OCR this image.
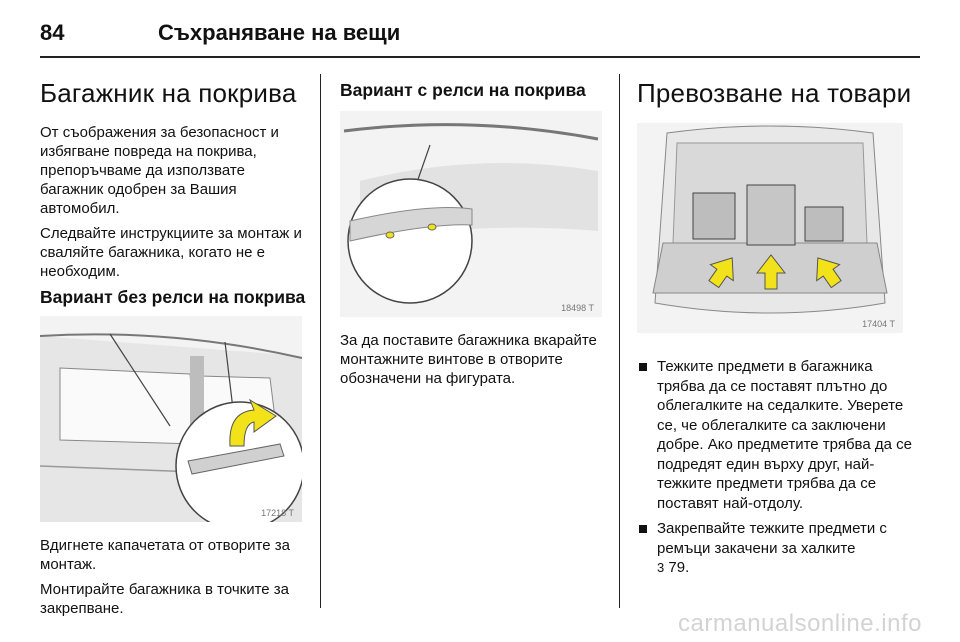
84	Съхраняване на вещи
Багажник на покрива

От съображения за безопасност и избягване повреда на покрива, препоръчваме да използвате багажник одобрен за Вашия автомобил.

Следвайте инструкциите за монтаж и сваляйте багажника, когато не е необходим.

Вариант без релси на покрива
17218 T

Вдигнете капачетата от отворите за монтаж.

Монтирайте багажника в точките за закрепване.

Вариант с релси на покрива
18498 T

За да поставите багажника вкарайте монтажните винтове в отворите обозначени на фигурата.

Превозване на товари
17404 T
Тежките предмети в багажника трябва да се поставят плътно до облегалките на седалките. Уверете се, че облегалките са заключени добре. Ако предметите трябва да се подредят един върху друг, най-тежките предмети трябва да се поставят най-отдолу.
Закрепвайте тежките предмети с ремъци закачени за халките
3 79.
carmanualsonline.info
